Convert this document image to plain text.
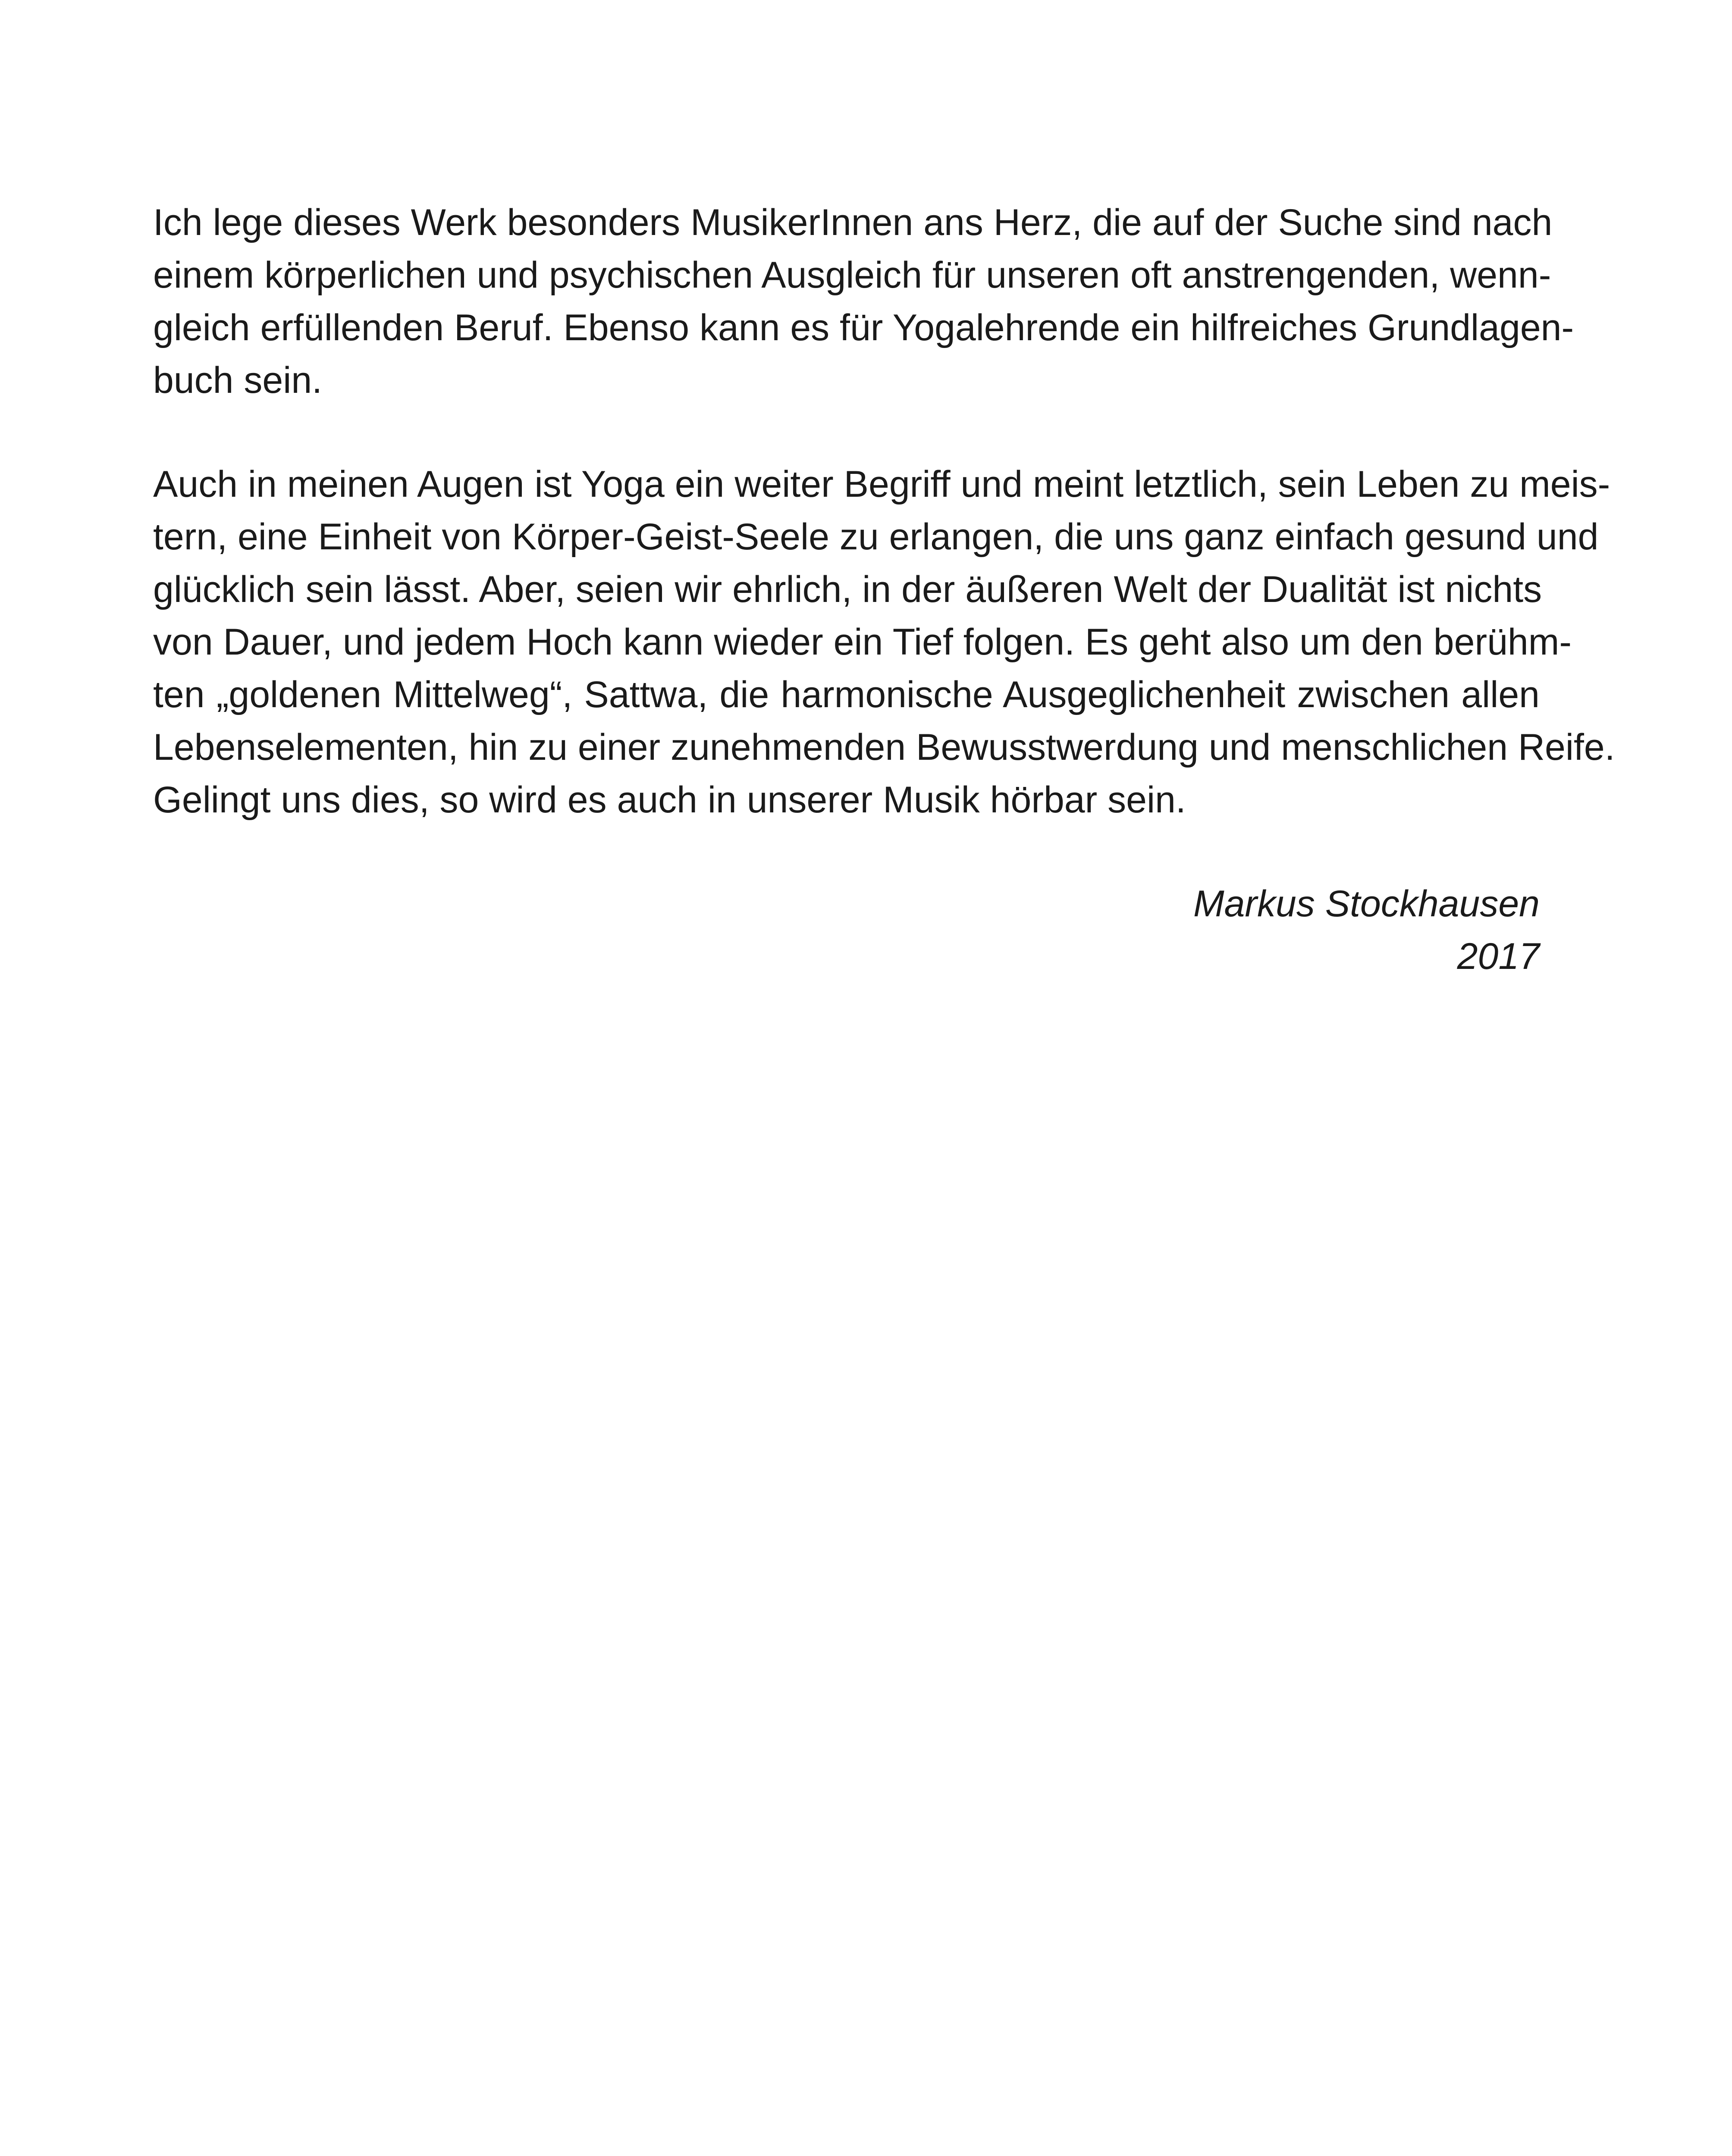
Ich lege dieses Werk besonders MusikerInnen ans Herz, die auf der Suche sind nach
einem körperlichen und psychischen Ausgleich für unseren oft anstrengenden, wenn-
gleich erfüllenden Beruf. Ebenso kann es für Yogalehrende ein hilfreiches Grundlagen-
buch sein.

Auch in meinen Augen ist Yoga ein weiter Begriff und meint letztlich, sein Leben zu meis-
tern, eine Einheit von Körper-Geist-Seele zu erlangen, die uns ganz einfach gesund und
glücklich sein lässt. Aber, seien wir ehrlich, in der äußeren Welt der Dualität ist nichts
von Dauer, und jedem Hoch kann wieder ein Tief folgen. Es geht also um den berühm-
ten „goldenen Mittelweg“, Sattwa, die harmonische Ausgeglichenheit zwischen allen
Lebenselementen, hin zu einer zunehmenden Bewusstwerdung und menschlichen Reife.
Gelingt uns dies, so wird es auch in unserer Musik hörbar sein.

Markus Stockhausen
2017
